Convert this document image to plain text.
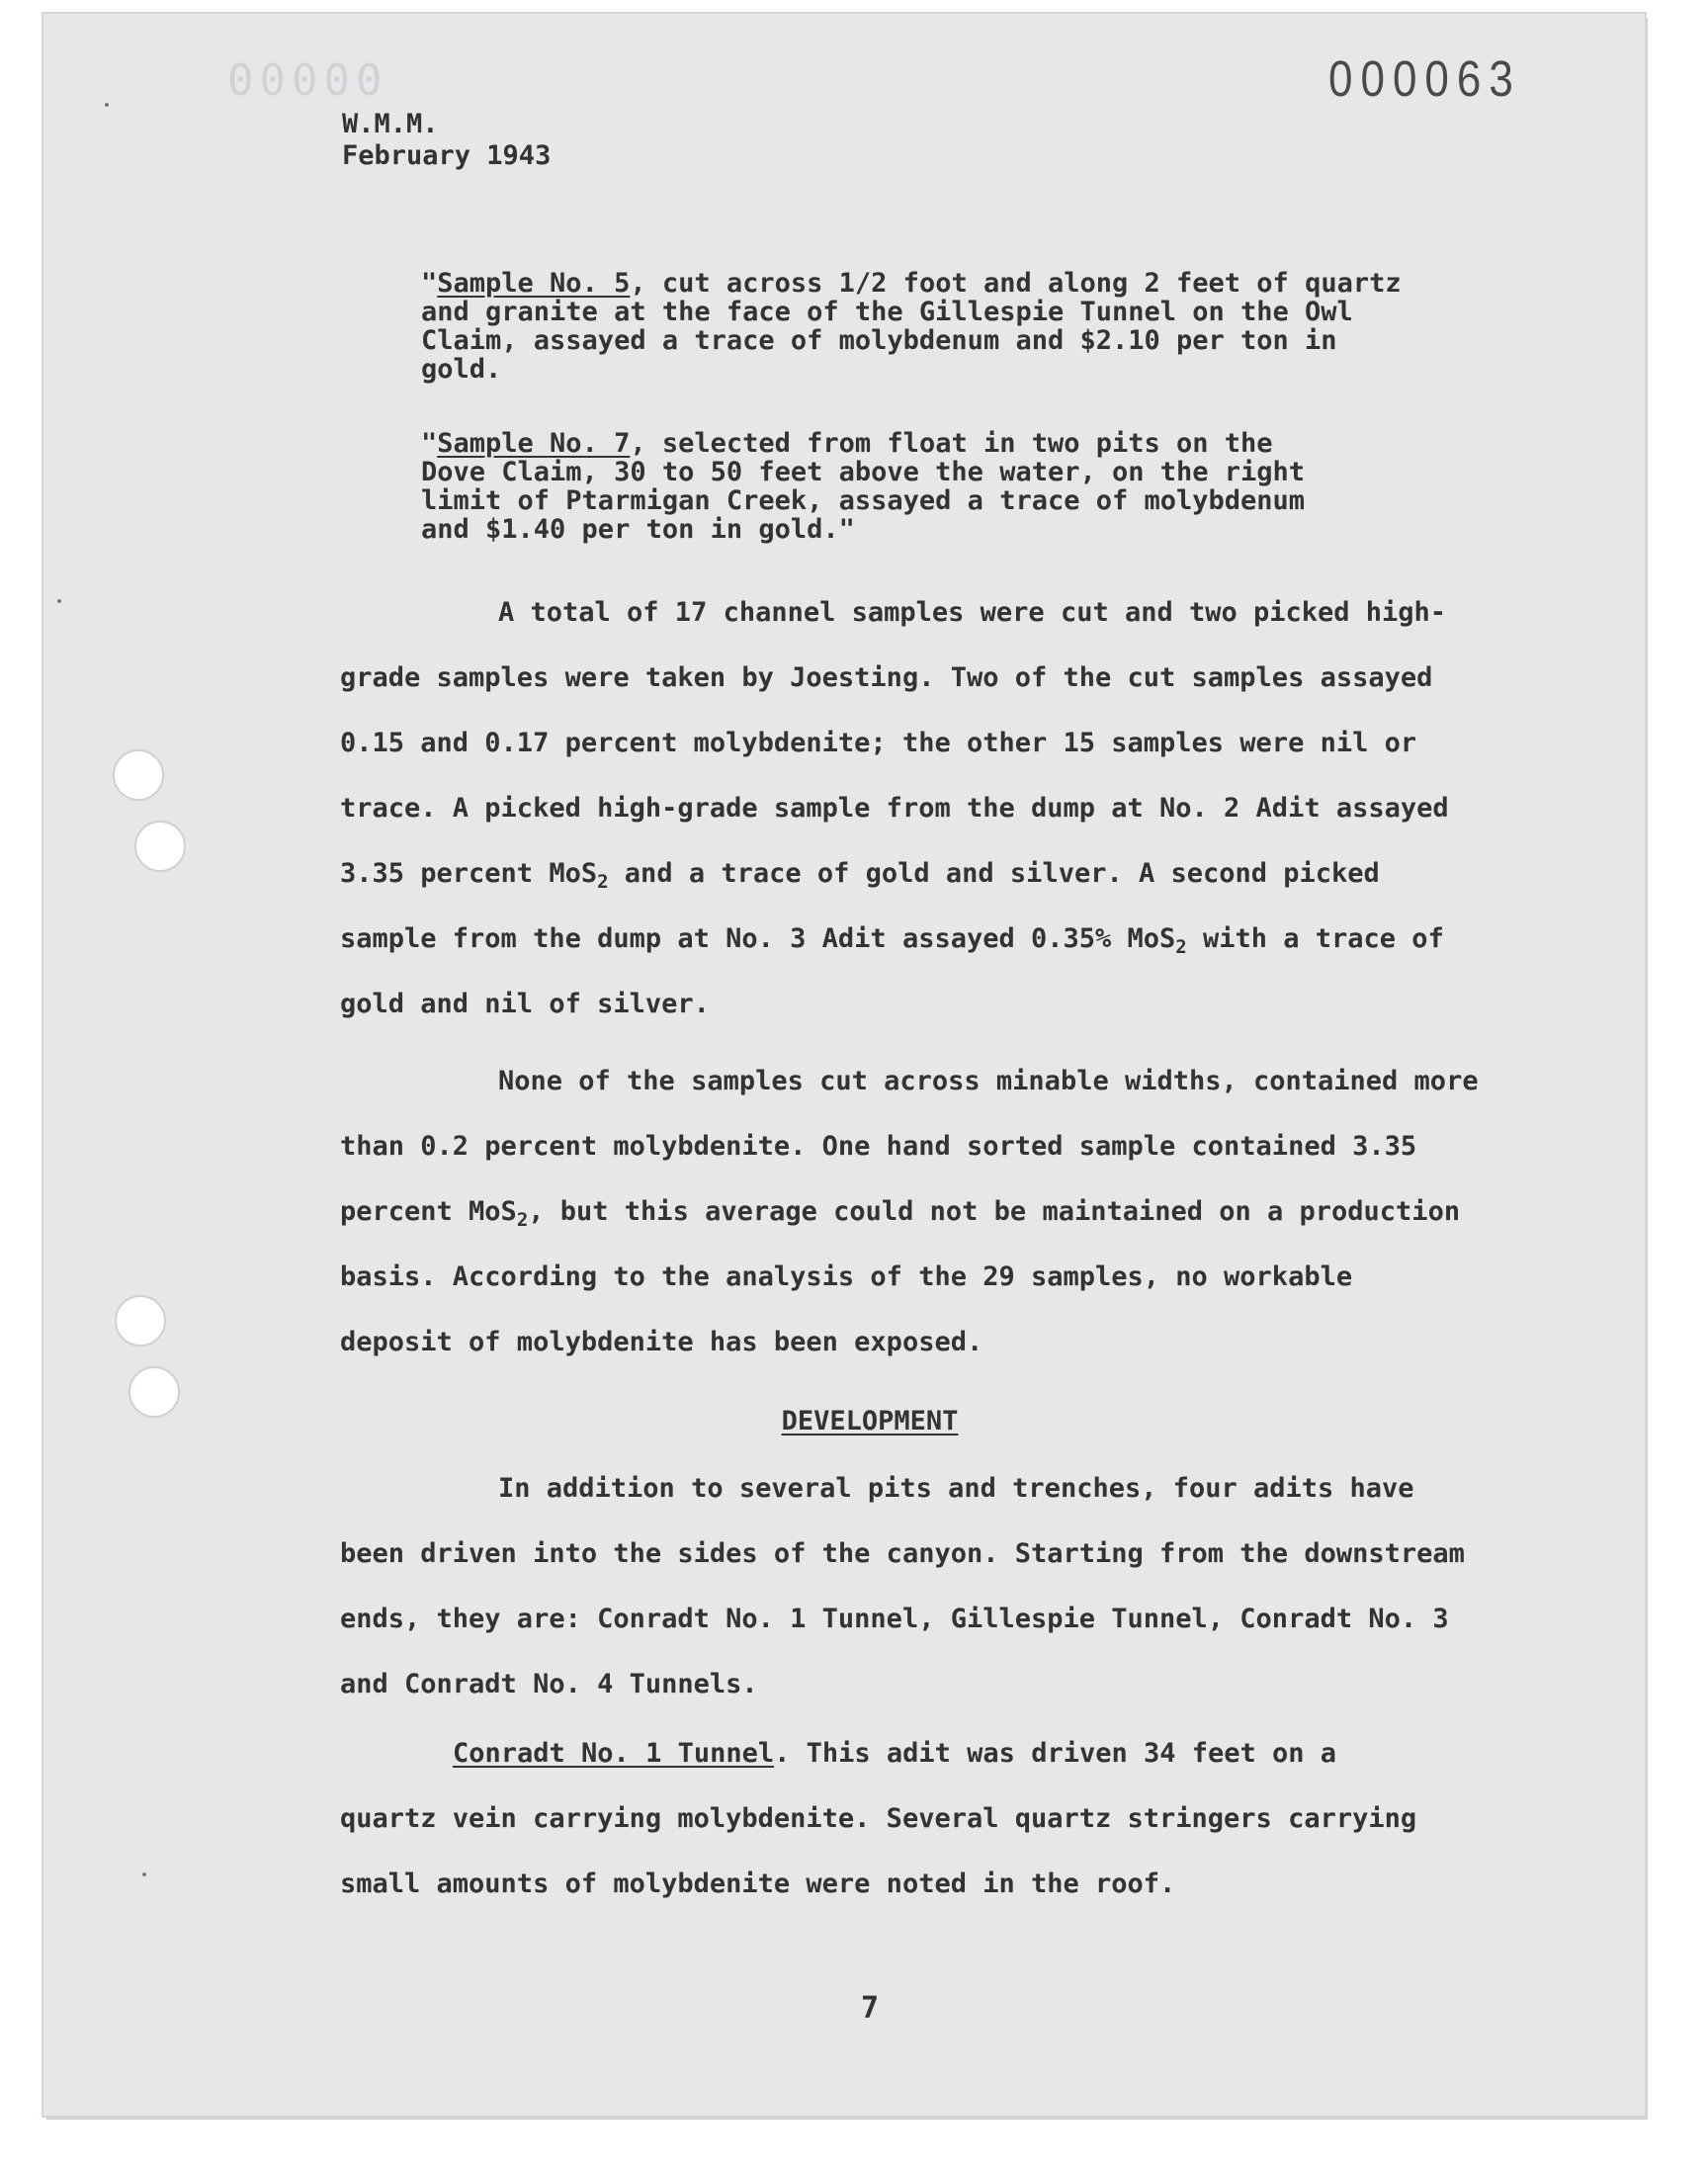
00000	000063
W.M.M.
February 1943
"Sample No. 5, cut across 1/2 foot and along 2 feet of quartz
and granite at the face of the Gillespie Tunnel on the Owl
Claim, assayed a trace of molybdenum and $2.10 per ton in
gold.
"Sample No. 7, selected from float in two pits on the
Dove Claim, 30 to 50 feet above the water, on the right
limit of Ptarmigan Creek, assayed a trace of molybdenum
and $1.40 per ton in gold."
A total of 17 channel samples were cut and two picked high-
grade samples were taken by Joesting. Two of the cut samples assayed
0.15 and 0.17 percent molybdenite; the other 15 samples were nil or
trace. A picked high-grade sample from the dump at No. 2 Adit assayed
3.35 percent MoS$_2$ and a trace of gold and silver. A second picked
sample from the dump at No. 3 Adit assayed 0.35% MoS$_2$ with a trace of
gold and nil of silver.
None of the samples cut across minable widths, contained more
than 0.2 percent molybdenite. One hand sorted sample contained 3.35
percent MoS$_2$, but this average could not be maintained on a production
basis. According to the analysis of the 29 samples, no workable
deposit of molybdenite has been exposed.
DEVELOPMENT
In addition to several pits and trenches, four adits have
been driven into the sides of the canyon. Starting from the downstream
ends, they are: Conradt No. 1 Tunnel, Gillespie Tunnel, Conradt No. 3
and Conradt No. 4 Tunnels.
Conradt No. 1 Tunnel. This adit was driven 34 feet on a
quartz vein carrying molybdenite. Several quartz stringers carrying
small amounts of molybdenite were noted in the roof.
7
